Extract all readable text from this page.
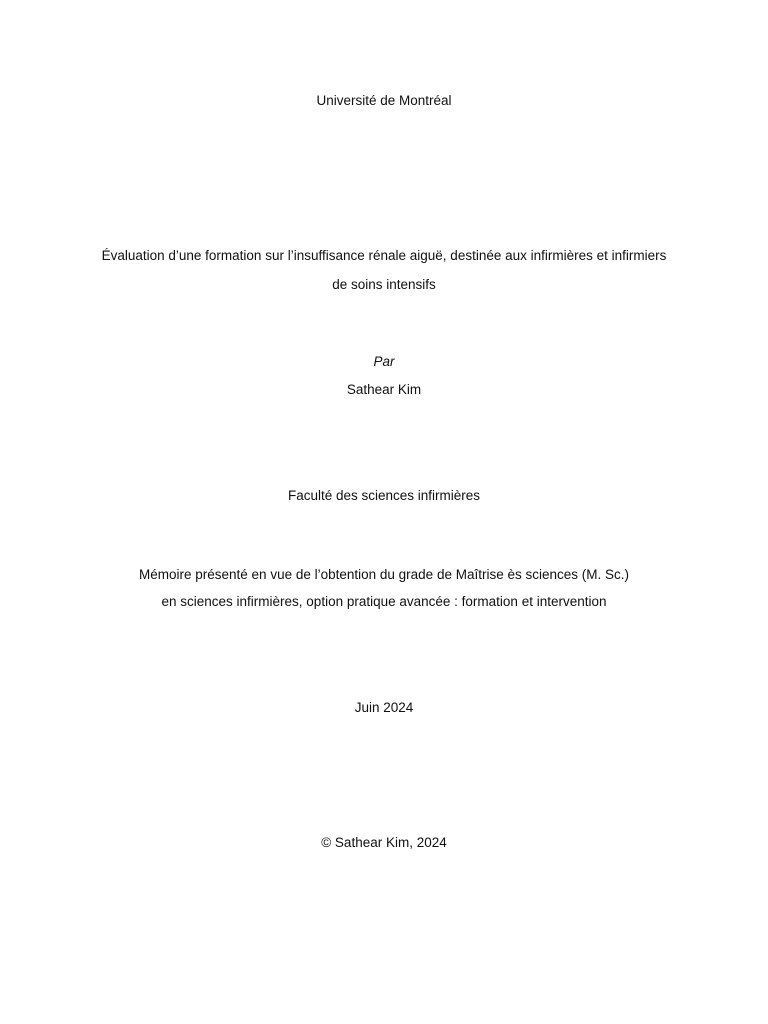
Université de Montréal
Évaluation d’une formation sur l’insuffisance rénale aiguë, destinée aux infirmières et infirmiers
de soins intensifs
Par
Sathear Kim
Faculté des sciences infirmières
Mémoire présenté en vue de l’obtention du grade de Maîtrise ès sciences (M. Sc.)
en sciences infirmières, option pratique avancée : formation et intervention
Juin 2024
© Sathear Kim, 2024
